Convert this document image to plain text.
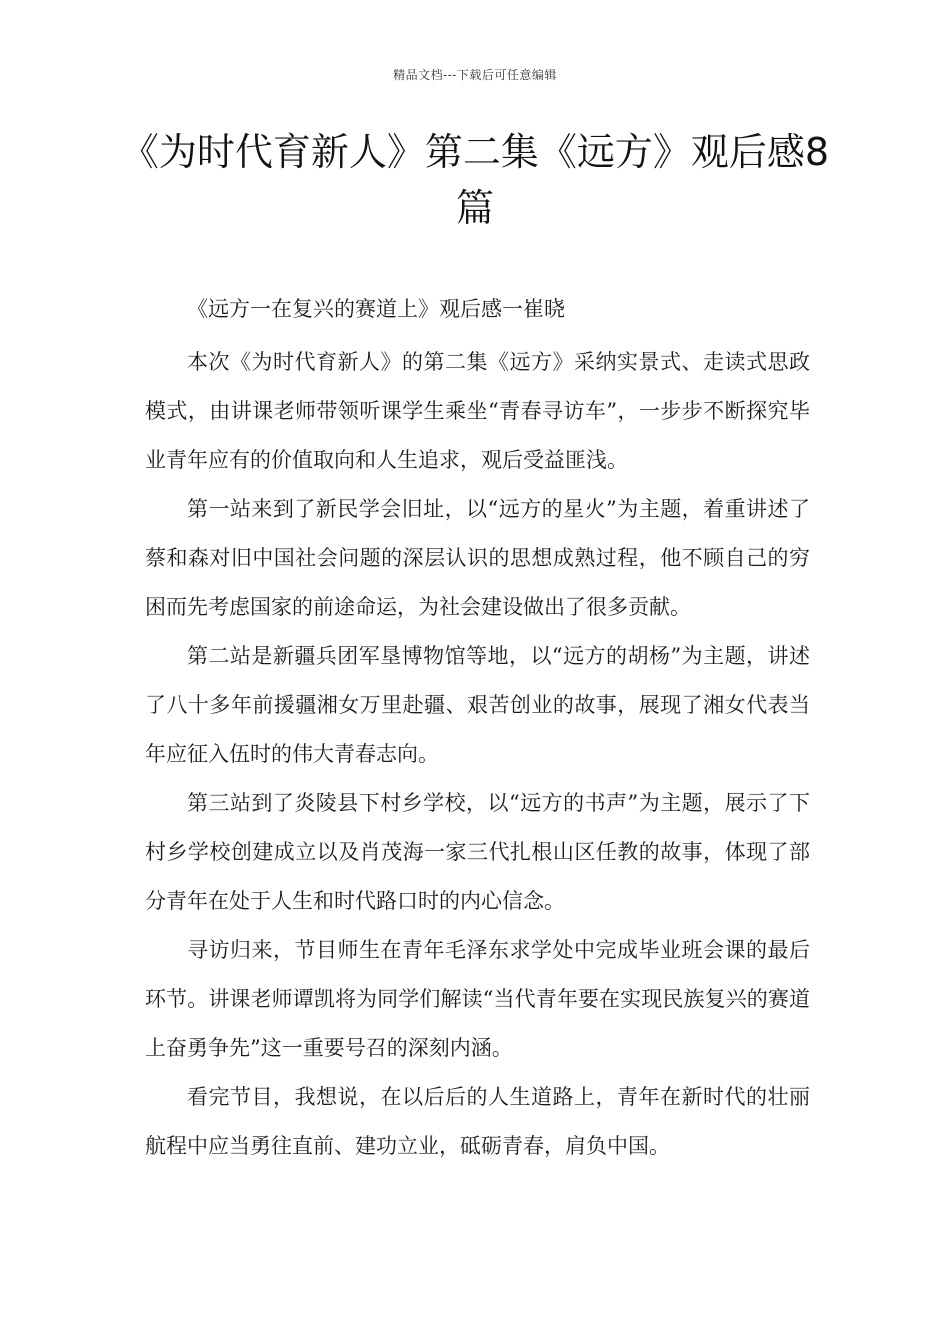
精品文档---下载后可任意编辑
《为时代育新人》第二集《远方》观后感8篇

《远方一在复兴的赛道上》观后感一崔晓

本次《为时代育新人》的第二集《远方》采纳实景式、走读式思政模式，由讲课老师带领听课学生乘坐“青春寻访车”，一步步不断探究毕业青年应有的价值取向和人生追求，观后受益匪浅。

第一站来到了新民学会旧址，以“远方的星火”为主题，着重讲述了蔡和森对旧中国社会问题的深层认识的思想成熟过程，他不顾自己的穷困而先考虑国家的前途命运，为社会建设做出了很多贡献。

第二站是新疆兵团军垦博物馆等地，以“远方的胡杨”为主题，讲述了八十多年前援疆湘女万里赴疆、艰苦创业的故事，展现了湘女代表当年应征入伍时的伟大青春志向。

第三站到了炎陵县下村乡学校，以“远方的书声”为主题，展示了下村乡学校创建成立以及肖茂海一家三代扎根山区任教的故事，体现了部分青年在处于人生和时代路口时的内心信念。

寻访归来，节目师生在青年毛泽东求学处中完成毕业班会课的最后环节。讲课老师谭凯将为同学们解读“当代青年要在实现民族复兴的赛道上奋勇争先”这一重要号召的深刻内涵。

看完节目，我想说，在以后后的人生道路上，青年在新时代的壮丽航程中应当勇往直前、建功立业，砥砺青春，肩负中国。
